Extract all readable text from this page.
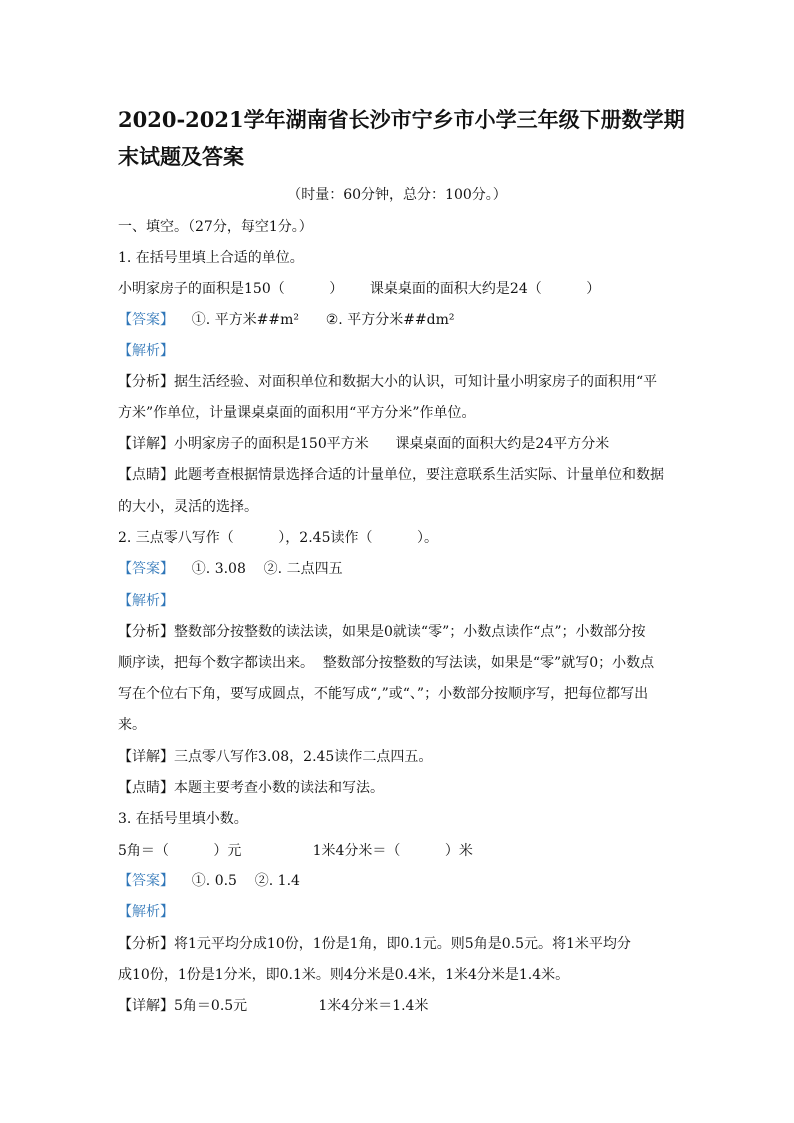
2020-2021学年湖南省长沙市宁乡市小学三年级下册数学期
末试题及答案
（时量：60分钟，总分：100分。）
一、填空。（27分，每空1分。）
1. 在括号里填上合适的单位。
小明家房子的面积是150（          ）      课桌桌面的面积大约是24（          ）
【答案】    ①. 平方米##m²      ②. 平方分米##dm²
【解析】
【分析】据生活经验、对面积单位和数据大小的认识，可知计量小明家房子的面积用“平
方米”作单位，计量课桌桌面的面积用“平方分米”作单位。
【详解】小明家房子的面积是150平方米      课桌桌面的面积大约是24平方分米
【点睛】此题考查根据情景选择合适的计量单位，要注意联系生活实际、计量单位和数据
的大小，灵活的选择。
2. 三点零八写作（          ），2.45读作（          ）。
【答案】    ①. 3.08    ②. 二点四五
【解析】
【分析】整数部分按整数的读法读，如果是0就读“零”；小数点读作“点”；小数部分按
顺序读，把每个数字都读出来。  整数部分按整数的写法读，如果是“零”就写0；小数点
写在个位右下角，要写成圆点，不能写成“,”或“、”；小数部分按顺序写，把每位都写出
来。
【详解】三点零八写作3.08，2.45读作二点四五。
【点睛】本题主要考查小数的读法和写法。
3. 在括号里填小数。
5角＝（          ）元                1米4分米＝（          ）米
【答案】    ①. 0.5    ②. 1.4
【解析】
【分析】将1元平均分成10份，1份是1角，即0.1元。则5角是0.5元。将1米平均分
成10份，1份是1分米，即0.1米。则4分米是0.4米，1米4分米是1.4米。
【详解】5角＝0.5元                1米4分米＝1.4米
